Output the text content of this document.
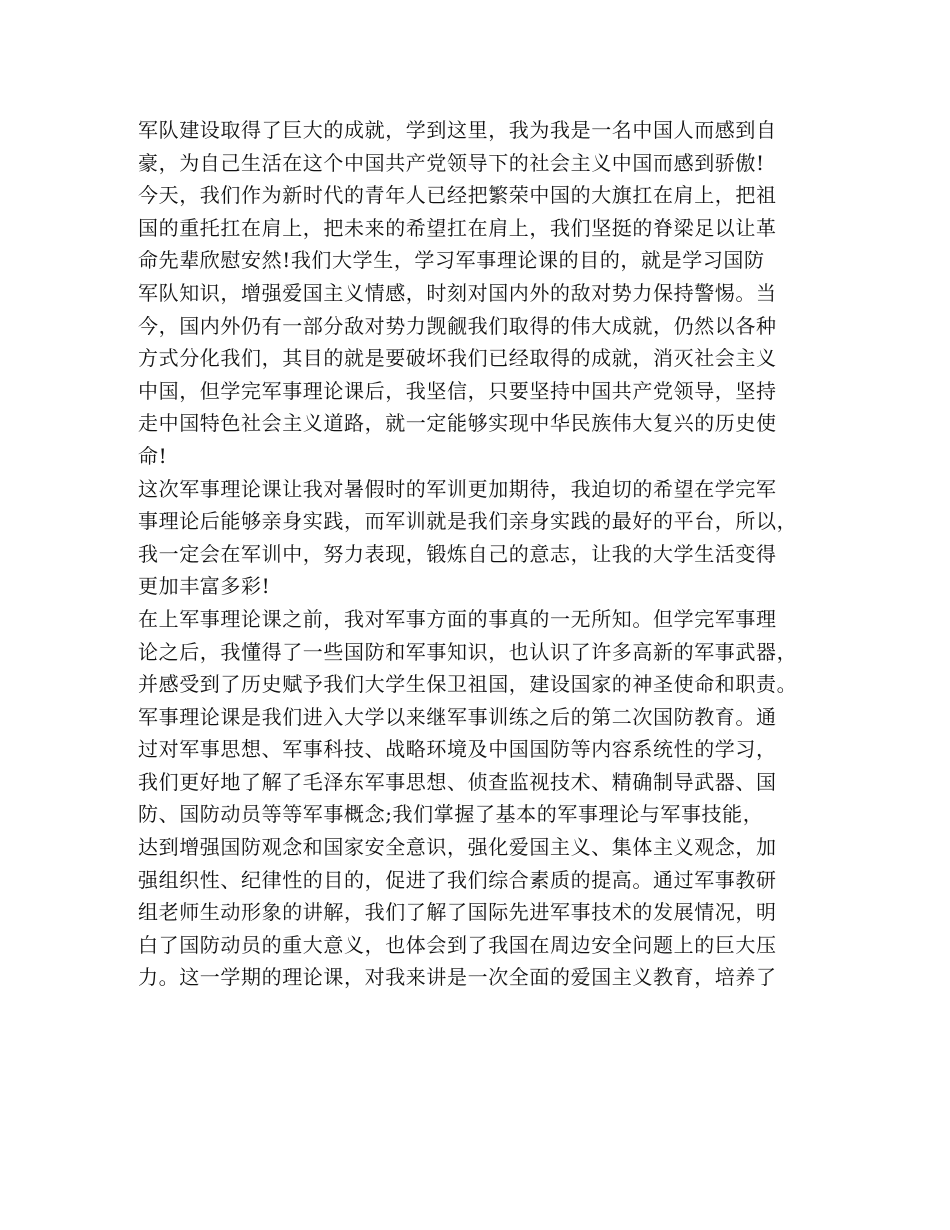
军队建设取得了巨大的成就，学到这里，我为我是一名中国人而感到自
豪，为自己生活在这个中国共产党领导下的社会主义中国而感到骄傲!
今天，我们作为新时代的青年人已经把繁荣中国的大旗扛在肩上，把祖
国的重托扛在肩上，把未来的希望扛在肩上，我们坚挺的脊梁足以让革
命先辈欣慰安然!我们大学生，学习军事理论课的目的，就是学习国防
军队知识，增强爱国主义情感，时刻对国内外的敌对势力保持警惕。当
今，国内外仍有一部分敌对势力觊觎我们取得的伟大成就，仍然以各种
方式分化我们，其目的就是要破坏我们已经取得的成就，消灭社会主义
中国，但学完军事理论课后，我坚信，只要坚持中国共产党领导，坚持
走中国特色社会主义道路，就一定能够实现中华民族伟大复兴的历史使
命!
这次军事理论课让我对暑假时的军训更加期待，我迫切的希望在学完军
事理论后能够亲身实践，而军训就是我们亲身实践的最好的平台，所以，
我一定会在军训中，努力表现，锻炼自己的意志，让我的大学生活变得
更加丰富多彩!
在上军事理论课之前，我对军事方面的事真的一无所知。但学完军事理
论之后，我懂得了一些国防和军事知识，也认识了许多高新的军事武器，
并感受到了历史赋予我们大学生保卫祖国，建设国家的神圣使命和职责。
军事理论课是我们进入大学以来继军事训练之后的第二次国防教育。通
过对军事思想、军事科技、战略环境及中国国防等内容系统性的学习，
我们更好地了解了毛泽东军事思想、侦查监视技术、精确制导武器、国
防、国防动员等等军事概念;我们掌握了基本的军事理论与军事技能，
达到增强国防观念和国家安全意识，强化爱国主义、集体主义观念，加
强组织性、纪律性的目的，促进了我们综合素质的提高。通过军事教研
组老师生动形象的讲解，我们了解了国际先进军事技术的发展情况，明
白了国防动员的重大意义，也体会到了我国在周边安全问题上的巨大压
力。这一学期的理论课，对我来讲是一次全面的爱国主义教育，培养了
